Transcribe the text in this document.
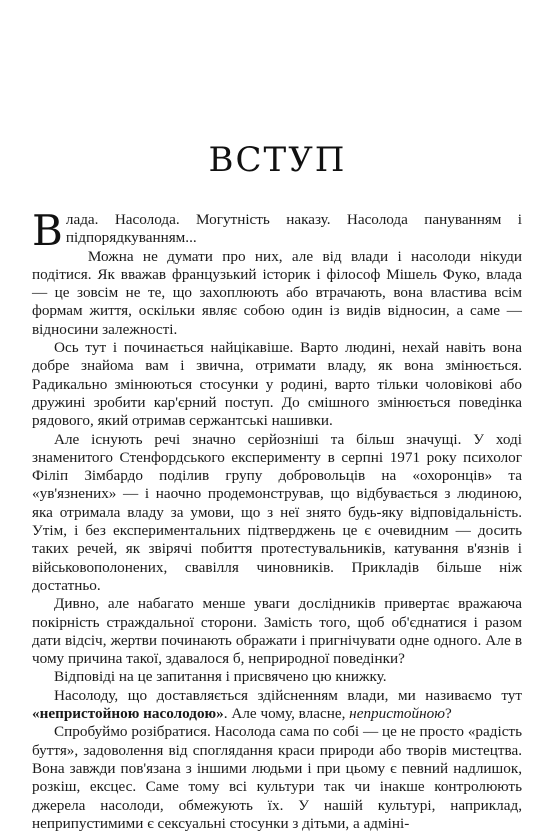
ВСТУП

Влада. Насолода. Могутність наказу. Насолода пануванням і підпорядкуванням...

Можна не думати про них, але від влади і насолоди нікуди подітися. Як вважав французький історик і філософ Мішель Фуко, влада — це зовсім не те, що захоплюють або втрачають, вона властива всім формам життя, оскільки являє собою один із видів відносин, а саме — відносини залежності.

Ось тут і починається найцікавіше. Варто людині, нехай навіть вона добре знайома вам і звична, отримати владу, як вона змінюється. Радикально змінюються стосунки у родині, варто тільки чоловікові або дружині зробити кар'єрний поступ. До смішного змінюється поведінка рядового, який отримав сержантські нашивки.

Але існують речі значно серйозніші та більш значущі. У ході знаменитого Стенфордського експерименту в серпні 1971 року психолог Філіп Зімбардо поділив групу добровольців на «охоронців» та «ув'язнених» — і наочно продемонстрував, що відбувається з людиною, яка отримала владу за умови, що з неї знято будь-яку відповідальність. Утім, і без експериментальних підтверджень це є очевидним — досить таких речей, як звірячі побиття протестувальників, катування в'язнів і військовополонених, свавілля чиновників. Прикладів більше ніж достатньо.

Дивно, але набагато менше уваги дослідників привертає вражаюча покірність страждальної сторони. Замість того, щоб об'єднатися і разом дати відсіч, жертви починають ображати і пригнічувати одне одного. Але в чому причина такої, здавалося б, неприродної поведінки?

Відповіді на це запитання і присвячено цю книжку.

Насолоду, що доставляється здійсненням влади, ми називаємо тут «непристойною насолодою». Але чому, власне, непристойною?

Спробуймо розібратися. Насолода сама по собі — це не просто «радість буття», задоволення від споглядання краси природи або творів мистецтва. Вона завжди пов'язана з іншими людьми і при цьому є певний надлишок, розкіш, ексцес. Саме тому всі культури так чи інакше контролюють джерела насолоди, обмежують їх. У нашій культурі, наприклад, неприпустимими є сексуальні стосунки з дітьми, а адміні-
